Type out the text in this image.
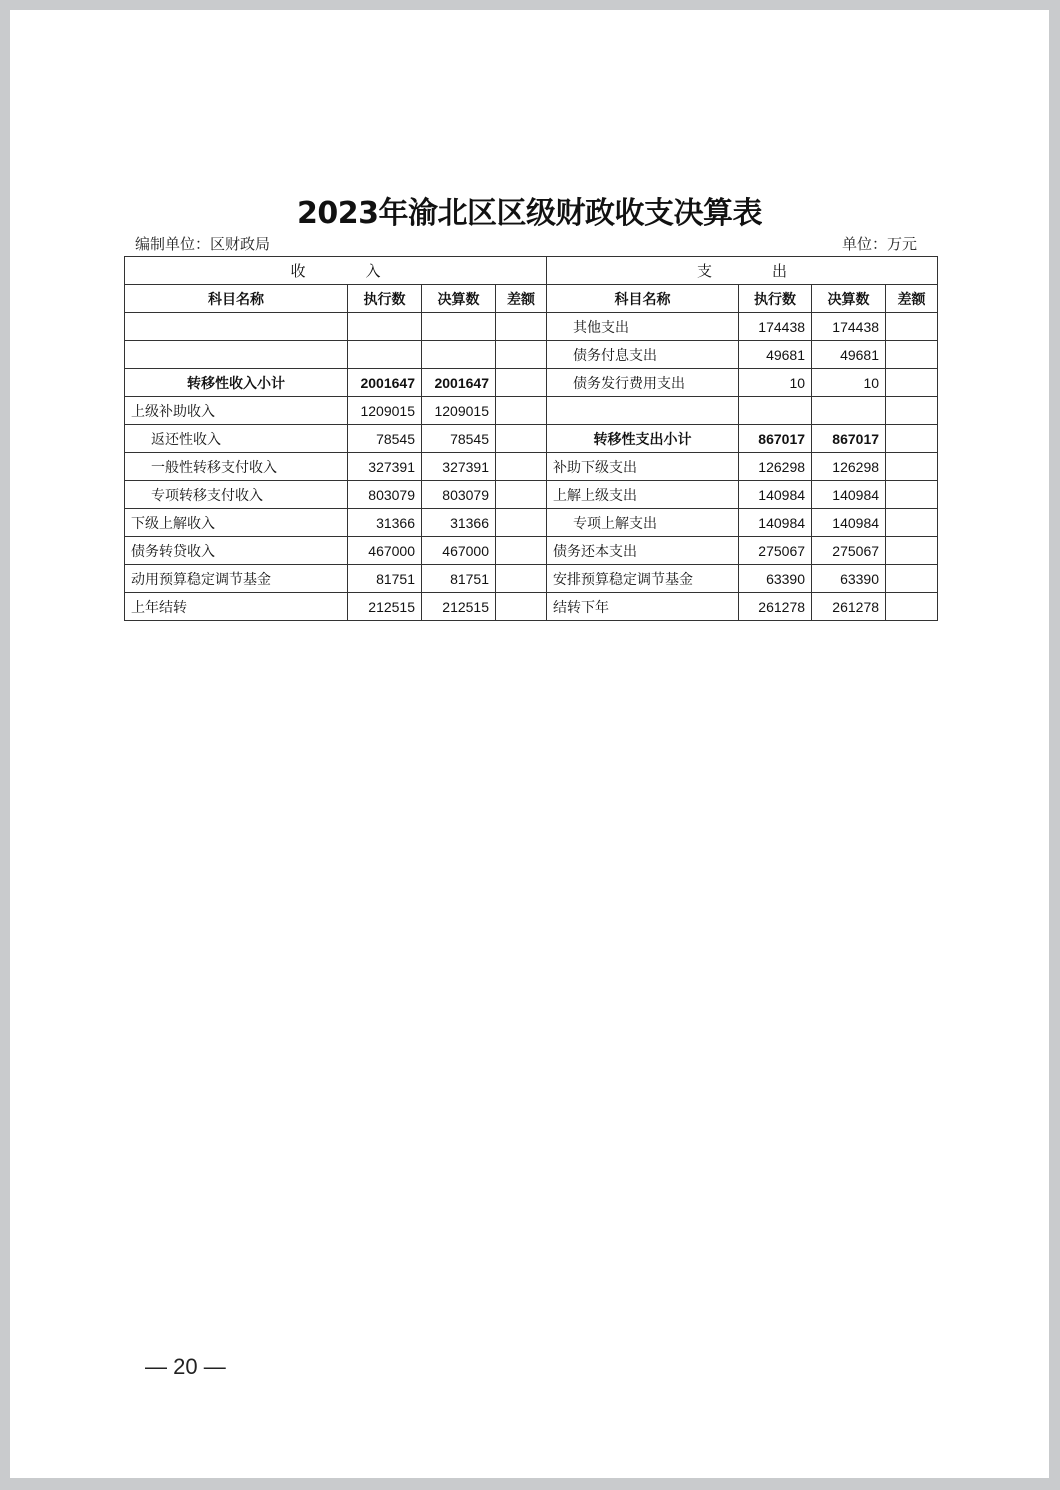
2023年渝北区区级财政收支决算表
编制单位：区财政局	单位：万元
收　　　　入				支　　　　出			
科目名称	执行数	决算数	差额	科目名称	执行数	决算数	差额
				其他支出	174438	174438	
				债务付息支出	49681	49681	
转移性收入小计	2001647	2001647		债务发行费用支出	10	10	
上级补助收入	1209015	1209015					
返还性收入	78545	78545		转移性支出小计	867017	867017	
一般性转移支付收入	327391	327391		补助下级支出	126298	126298	
专项转移支付收入	803079	803079		上解上级支出	140984	140984	
下级上解收入	31366	31366		专项上解支出	140984	140984	
债务转贷收入	467000	467000		债务还本支出	275067	275067	
动用预算稳定调节基金	81751	81751		安排预算稳定调节基金	63390	63390	
上年结转	212515	212515		结转下年	261278	261278	
— 20 —
